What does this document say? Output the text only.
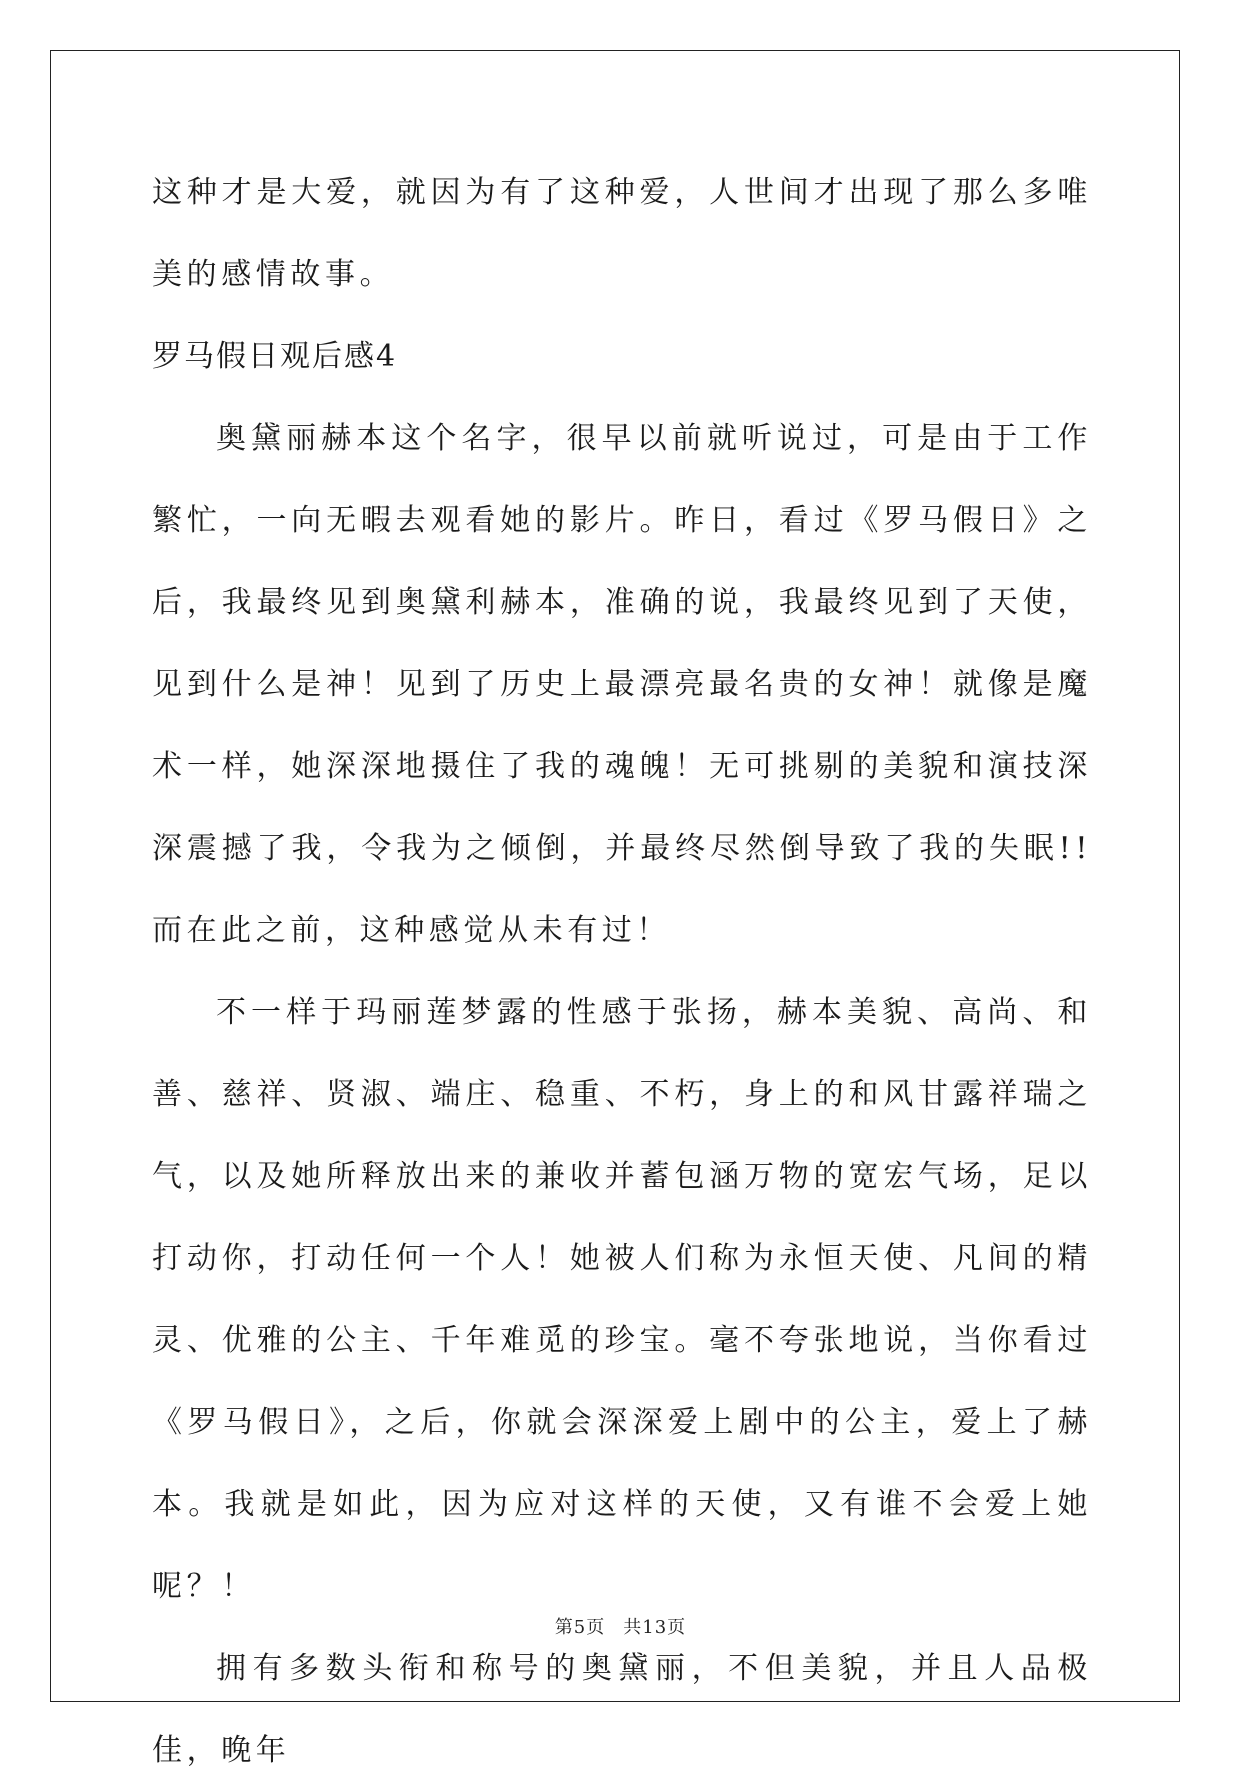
这种才是大爱，就因为有了这种爱，人世间才出现了那么多唯美的感情故事。

罗马假日观后感4

奥黛丽赫本这个名字，很早以前就听说过，可是由于工作繁忙，一向无暇去观看她的影片。昨日，看过《罗马假日》之后，我最终见到奥黛利赫本，准确的说，我最终见到了天使，见到什么是神！见到了历史上最漂亮最名贵的女神！就像是魔术一样，她深深地摄住了我的魂魄！无可挑剔的美貌和演技深深震撼了我，令我为之倾倒，并最终尽然倒导致了我的失眠!! 而在此之前，这种感觉从未有过！

不一样于玛丽莲梦露的性感于张扬，赫本美貌、高尚、和善、慈祥、贤淑、端庄、稳重、不朽，身上的和风甘露祥瑞之气，以及她所释放出来的兼收并蓄包涵万物的宽宏气场，足以打动你，打动任何一个人！她被人们称为永恒天使、凡间的精灵、优雅的公主、千年难觅的珍宝。毫不夸张地说，当你看过《罗马假日》，之后，你就会深深爱上剧中的公主，爱上了赫本。我就是如此，因为应对这样的天使，又有谁不会爱上她呢？！

拥有多数头衔和称号的奥黛丽，不但美貌，并且人品极佳，晚年

第5页 共13页
